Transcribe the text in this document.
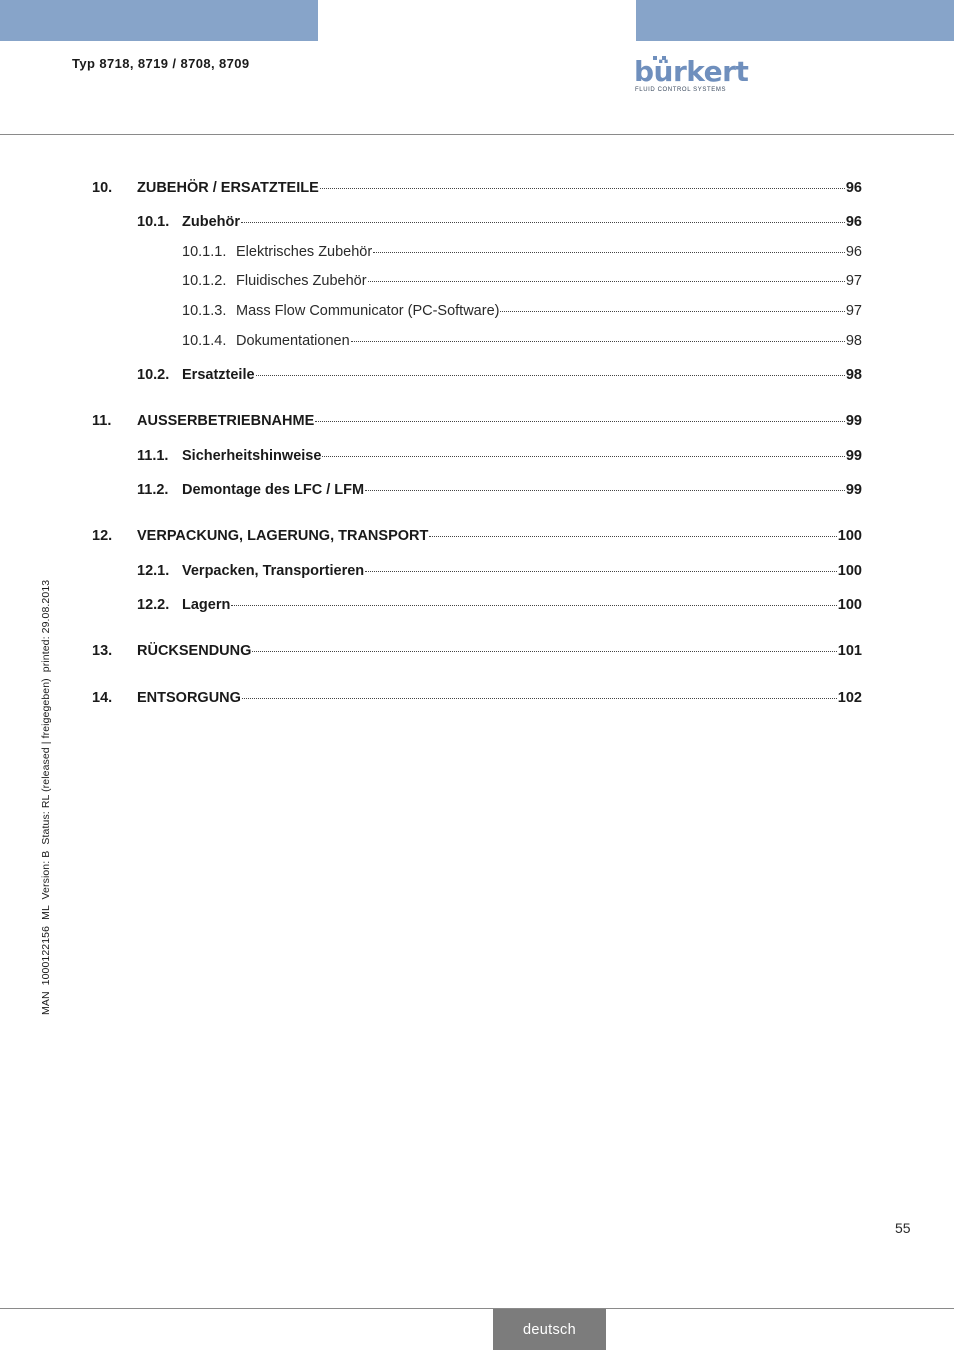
Typ 8718, 8719 / 8708, 8709	bürkert
FLUID CONTROL SYSTEMS
10.	ZUBEHÖR / ERSATZTEILE	96
10.1. Zubehör	96
10.1.1. Elektrisches Zubehör	96
10.1.2. Fluidisches Zubehör	97
10.1.3. Mass Flow Communicator (PC-Software)	97
10.1.4. Dokumentationen	98
10.2. Ersatzteile	98
11.	AUSSERBETRIEBNAHME	99
11.1. Sicherheitshinweise	99
11.2. Demontage des LFC / LFM	99
12.	VERPACKUNG, LAGERUNG, TRANSPORT	100
12.1. Verpacken, Transportieren	100
12.2. Lagern	100
13.	RÜCKSENDUNG	101
14.	ENTSORGUNG	102
MAN  1000122156  ML  Version: B  Status: RL (released | freigegeben)  printed: 29.08.2013
55
deutsch
